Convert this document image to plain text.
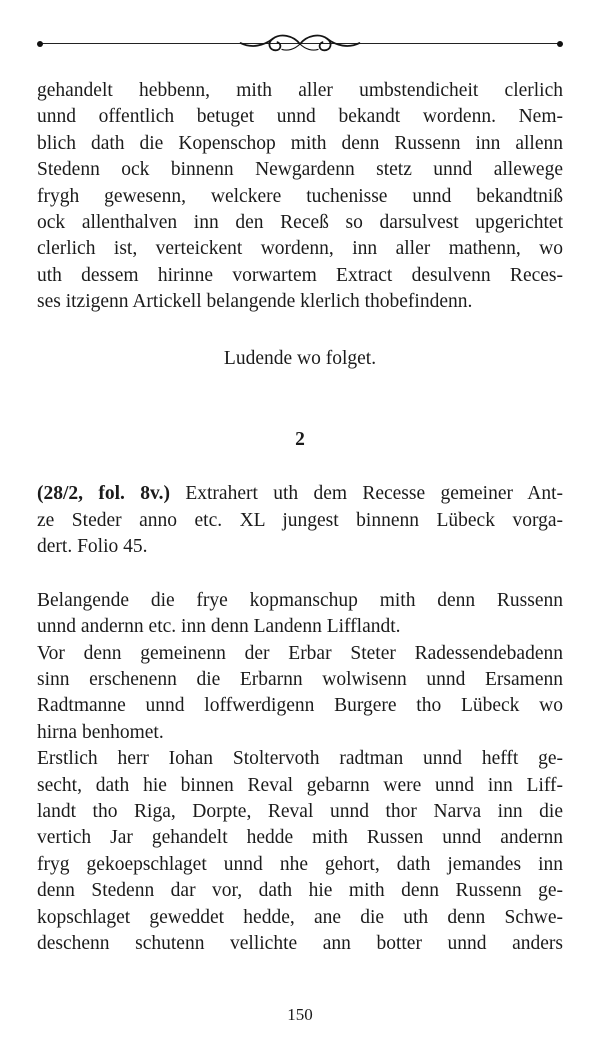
gehandelt hebbenn, mith aller umbstendicheit clerlich
unnd offentlich betuget unnd bekandt wordenn. Nem-
blich dath die Kopenschop mith denn Russenn inn allenn
Stedenn ock binnenn Newgardenn stetz unnd allewege
frygh gewesenn, welckere tuchenisse unnd bekandtniß
ock allenthalven inn den Receß so darsulvest upgerichtet
clerlich ist, verteickent wordenn, inn aller mathenn, wo
uth dessem hirinne vorwartem Extract desulvenn Reces-
ses itzigenn Artickell belangende klerlich thobefindenn.
Ludende wo folget.
2
(28/2, fol. 8v.) Extrahert uth dem Recesse gemeiner Ant-
ze Steder anno etc. XL jungest binnenn Lübeck vorga-
dert. Folio 45.
Belangende die frye kopmanschup mith denn Russenn
unnd andernn etc. inn denn Landenn Lifflandt.
Vor denn gemeinenn der Erbar Steter Radessendebadenn
sinn erschenenn die Erbarnn wolwisenn unnd Ersamenn
Radtmanne unnd loffwerdigenn Burgere tho Lübeck wo
hirna benhomet.
Erstlich herr Iohan Stoltervoth radtman unnd hefft ge-
secht, dath hie binnen Reval gebarnn were unnd inn Liff-
landt tho Riga, Dorpte, Reval unnd thor Narva inn die
vertich Jar gehandelt hedde mith Russen unnd andernn
fryg gekoepschlaget unnd nhe gehort, dath jemandes inn
denn Stedenn dar vor, dath hie mith denn Russenn ge-
kopschlaget geweddet hedde, ane die uth denn Schwe-
deschenn schutenn vellichte ann botter unnd anders
150
